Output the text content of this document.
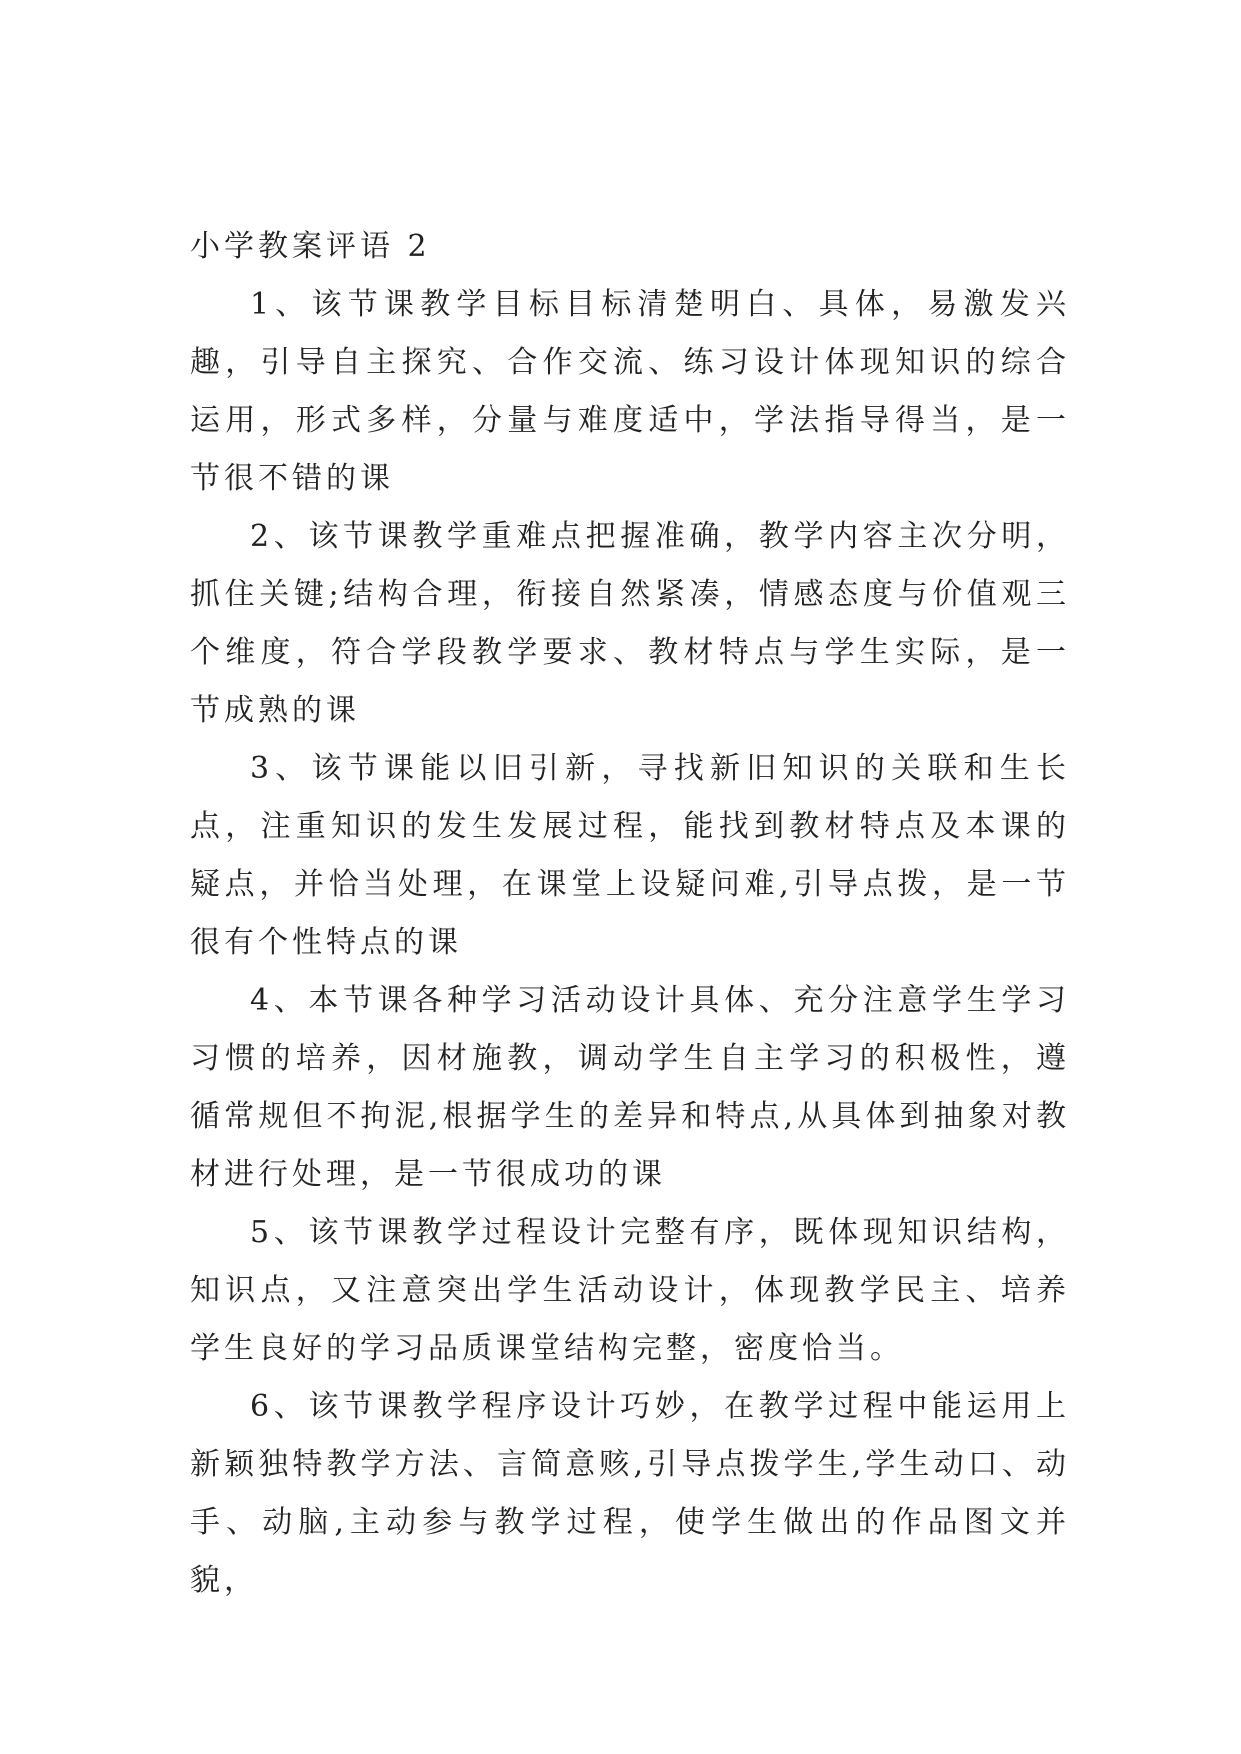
小学教案评语 2

1、该节课教学目标目标清楚明白、具体，易激发兴趣，引导自主探究、合作交流、练习设计体现知识的综合运用，形式多样，分量与难度适中，学法指导得当，是一节很不错的课

2、该节课教学重难点把握准确，教学内容主次分明，抓住关键;结构合理，衔接自然紧凑，情感态度与价值观三个维度，符合学段教学要求、教材特点与学生实际，是一节成熟的课

3、该节课能以旧引新，寻找新旧知识的关联和生长点，注重知识的发生发展过程，能找到教材特点及本课的疑点，并恰当处理，在课堂上设疑问难,引导点拨，是一节很有个性特点的课

4、本节课各种学习活动设计具体、充分注意学生学习习惯的培养，因材施教，调动学生自主学习的积极性，遵循常规但不拘泥,根据学生的差异和特点,从具体到抽象对教材进行处理，是一节很成功的课

5、该节课教学过程设计完整有序，既体现知识结构，知识点，又注意突出学生活动设计，体现教学民主、培养学生良好的学习品质课堂结构完整，密度恰当。

6、该节课教学程序设计巧妙，在教学过程中能运用上新颖独特教学方法、言简意赅,引导点拨学生,学生动口、动手、动脑,主动参与教学过程，使学生做出的作品图文并貌，
